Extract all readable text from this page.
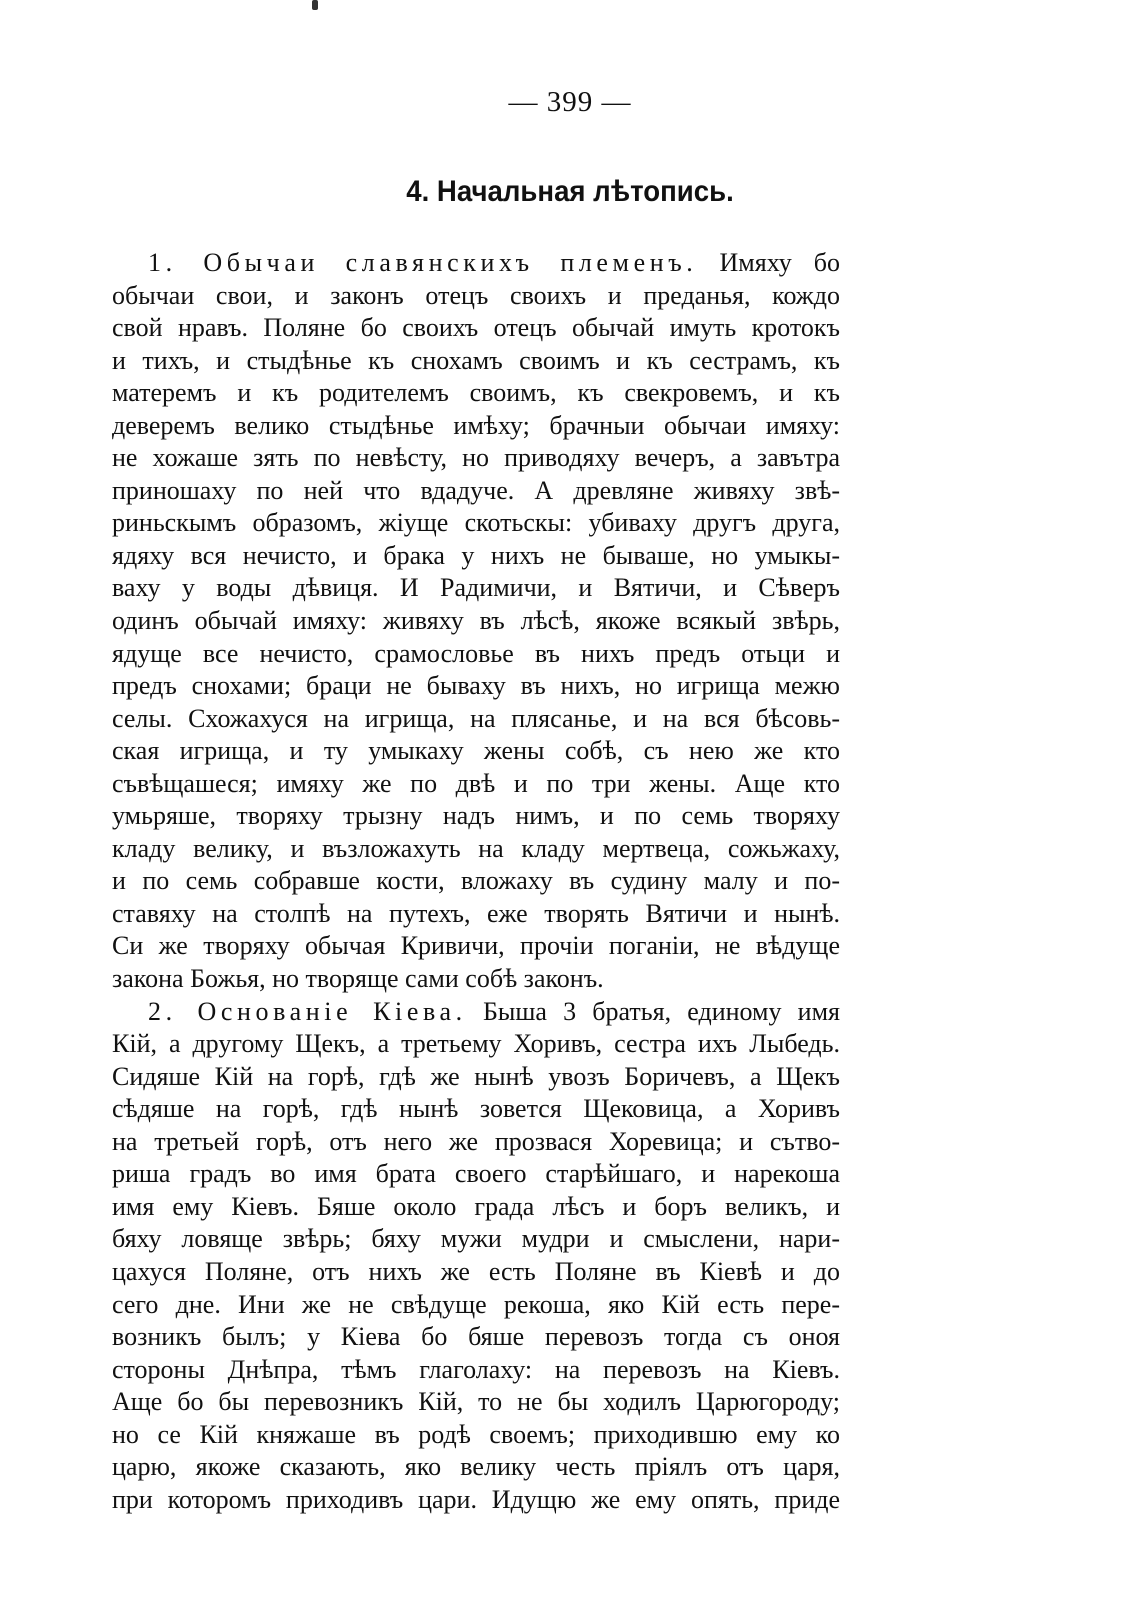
— 399 —
4. Начальная лѣтопись.
1. Обычаи славянскихъ племенъ. Имяху бо
обычаи свои, и законъ отецъ своихъ и преданья, кождо
свой нравъ. Поляне бо своихъ отецъ обычай имуть кротокъ
и тихъ, и стыдѣнье къ снохамъ своимъ и къ сестрамъ, къ
матеремъ и къ родителемъ своимъ, къ свекровемъ, и къ
деверемъ велико стыдѣнье имѣху; брачныи обычаи имяху:
не хожаше зять по невѣсту, но приводяху вечеръ, а завътра
приношаху по ней что вдадуче. А древляне живяху звѣ-
риньскымъ образомъ, жіуще скотьскы: убиваху другъ друга,
ядяху вся нечисто, и брака у нихъ не бываше, но умыкы-
ваху у воды дѣвиця. И Радимичи, и Вятичи, и Сѣверъ
одинъ обычай имяху: живяху въ лѣсѣ, якоже всякый звѣрь,
ядуще все нечисто, срамословье въ нихъ предъ отьци и
предъ снохами; браци не бываху въ нихъ, но игрища межю
селы. Схожахуся на игрища, на плясанье, и на вся бѣсовь-
ская игрища, и ту умыкаху жены собѣ, съ нею же кто
съвѣщашеся; имяху же по двѣ и по три жены. Аще кто
умьряше, творяху трызну надъ нимъ, и по семь творяху
кладу велику, и възложахуть на кладу мертвеца, сожьжаху,
и по семь собравше кости, вложаху въ судину малу и по-
ставяху на столпѣ на путехъ, еже творять Вятичи и нынѣ.
Си же творяху обычая Кривичи, прочіи поганіи, не вѣдуще
закона Божья, но творяще сами собѣ законъ.
2. Основаніе Кіева. Быша 3 братья, единому имя
Кій, а другому Щекъ, а третьему Хоривъ, сестра ихъ Лыбедь.
Сидяше Кій на горѣ, гдѣ же нынѣ увозъ Боричевъ, а Щекъ
сѣдяше на горѣ, гдѣ нынѣ зовется Щековица, а Хоривъ
на третьей горѣ, отъ него же прозвася Хоревица; и сътво-
риша градъ во имя брата своего старѣйшаго, и нарекоша
имя ему Кіевъ. Бяше около града лѣсъ и боръ великъ, и
бяху ловяще звѣрь; бяху мужи мудри и смыслени, нари-
цахуся Поляне, отъ нихъ же есть Поляне въ Кіевѣ и до
сего дне. Ини же не свѣдуще рекоша, яко Кій есть пере-
возникъ былъ; у Кіева бо бяше перевозъ тогда съ оноя
стороны Днѣпра, тѣмъ глаголаху: на перевозъ на Кіевъ.
Аще бо бы перевозникъ Кій, то не бы ходилъ Царюгороду;
но се Кій княжаше въ родѣ своемъ; приходившю ему ко
царю, якоже сказають, яко велику честь пріялъ отъ царя,
при которомъ приходивъ цари. Идущю же ему опять, приде
